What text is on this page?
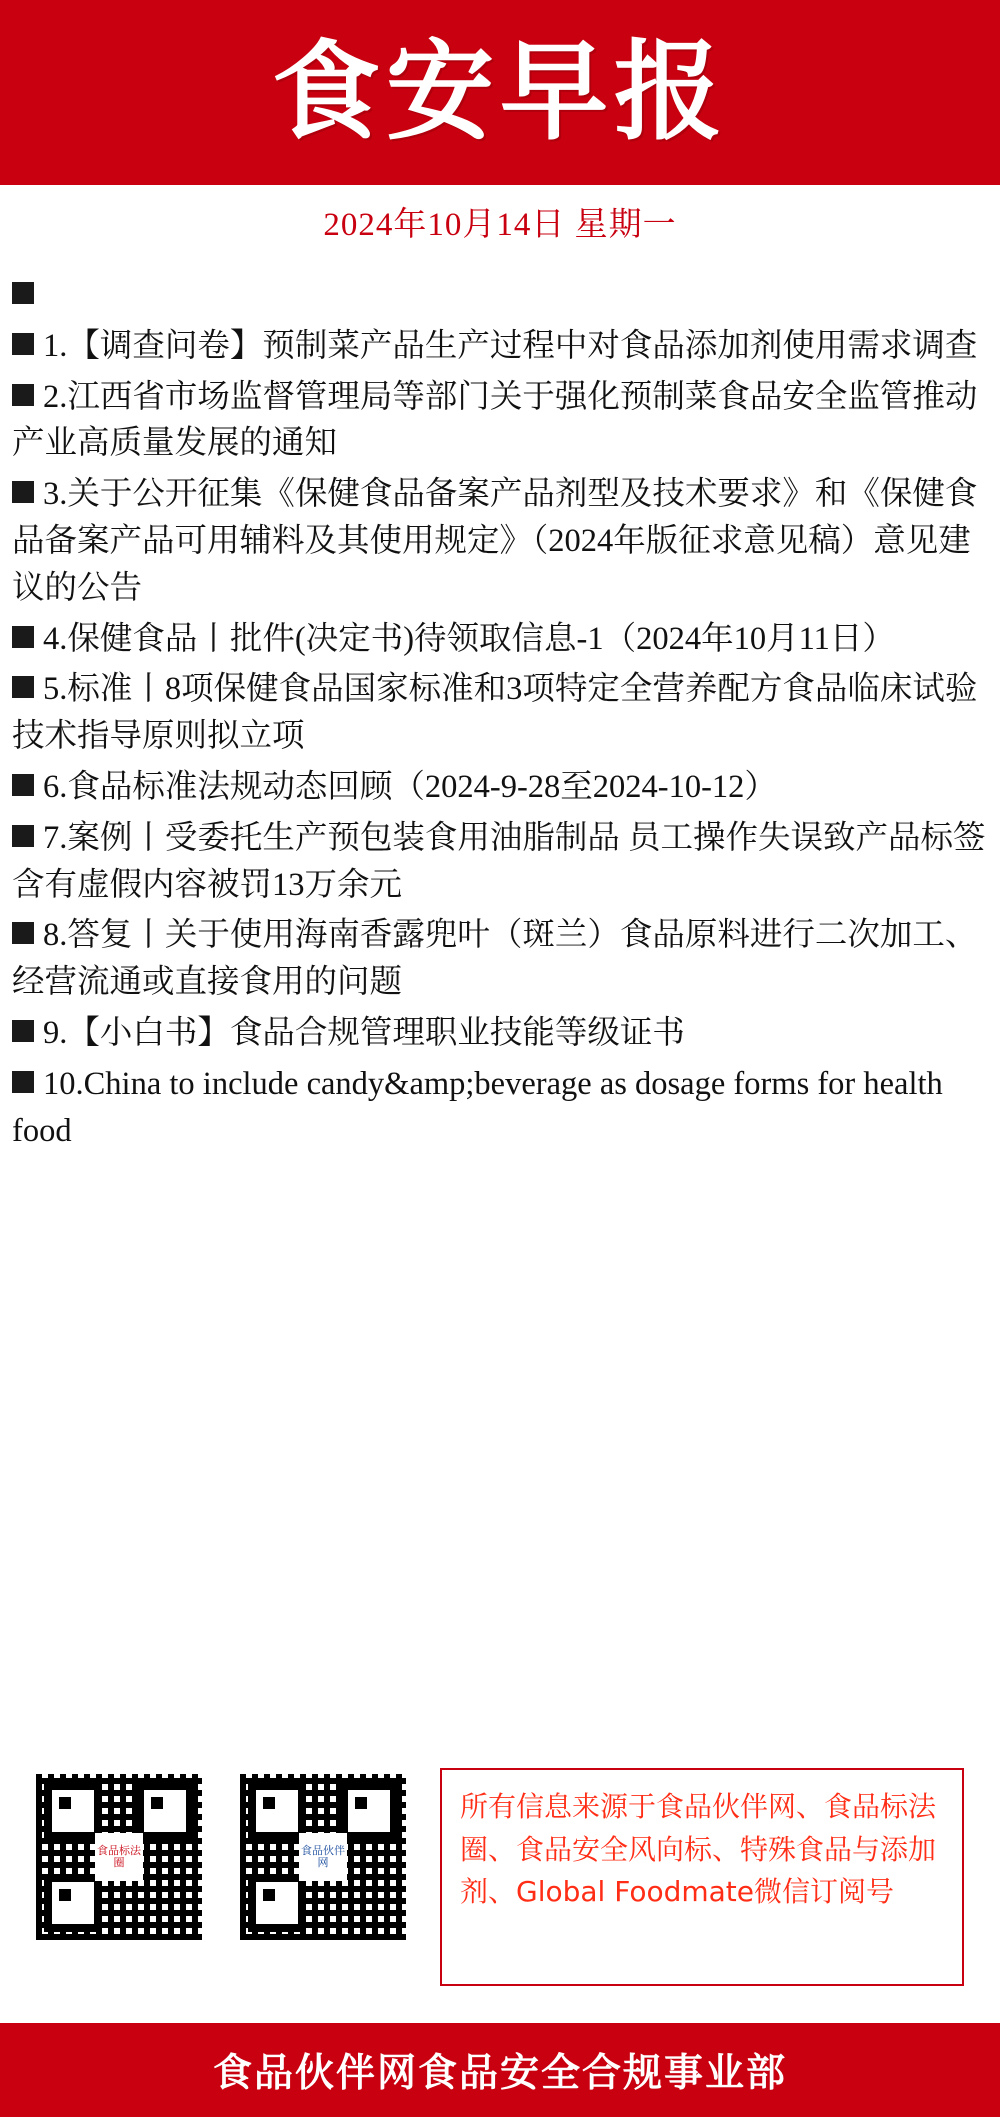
食安早报
2024年10月14日 星期一
1.【调查问卷】预制菜产品生产过程中对食品添加剂使用需求调查
2.江西省市场监督管理局等部门关于强化预制菜食品安全监管推动产业高质量发展的通知
3.关于公开征集《保健食品备案产品剂型及技术要求》和《保健食品备案产品可用辅料及其使用规定》（2024年版征求意见稿）意见建议的公告
4.保健食品丨批件(决定书)待领取信息-1（2024年10月11日）
5.标准丨8项保健食品国家标准和3项特定全营养配方食品临床试验技术指导原则拟立项
6.食品标准法规动态回顾（2024-9-28至2024-10-12）
7.案例丨受委托生产预包装食用油脂制品 员工操作失误致产品标签含有虚假内容被罚13万余元
8.答复丨关于使用海南香露兜叶（斑兰）食品原料进行二次加工、经营流通或直接食用的问题
9.【小白书】食品合规管理职业技能等级证书
10.China to include candy&amp;beverage as dosage forms for health food
食品标法圈
食品伙伴网
所有信息来源于食品伙伴网、食品标法圈、食品安全风向标、特殊食品与添加剂、Global Foodmate微信订阅号
食品伙伴网食品安全合规事业部
